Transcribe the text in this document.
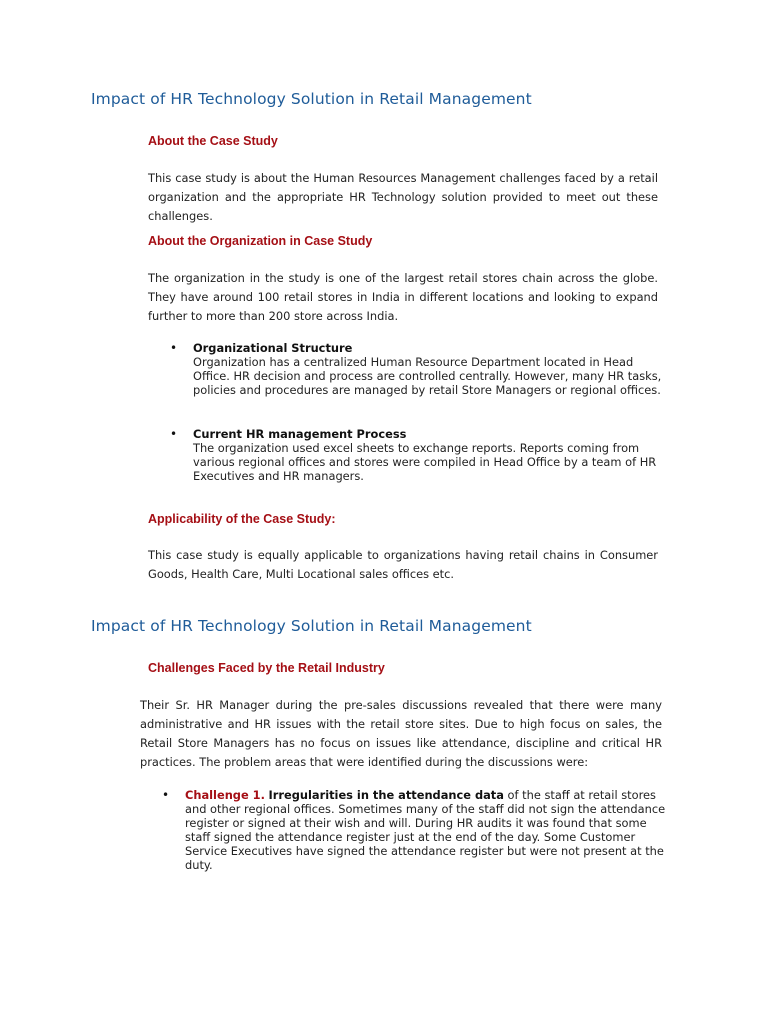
Impact of HR Technology Solution in Retail Management
About the Case Study
This case study is about the Human Resources Management challenges faced by a retail organization and the appropriate HR Technology solution provided to meet out these challenges.
About the Organization in Case Study
The organization in the study is one of the largest retail stores chain across the globe. They have around 100 retail stores in India in different locations and looking to expand further to more than 200 store across India.
• Organizational Structure
Organization has a centralized Human Resource Department located in Head Office. HR decision and process are controlled centrally. However, many HR tasks, policies and procedures are managed by retail Store Managers or regional offices.
• Current HR management Process
The organization used excel sheets to exchange reports. Reports coming from various regional offices and stores were compiled in Head Office by a team of HR Executives and HR managers.
Applicability of the Case Study:
This case study is equally applicable to organizations having retail chains in Consumer Goods, Health Care, Multi Locational sales offices etc.
Impact of HR Technology Solution in Retail Management
Challenges Faced by the Retail Industry
Their Sr. HR Manager during the pre-sales discussions revealed that there were many administrative and HR issues with the retail store sites. Due to high focus on sales, the Retail Store Managers has no focus on issues like attendance, discipline and critical HR practices. The problem areas that were identified during the discussions were:
• Challenge 1. Irregularities in the attendance data of the staff at retail stores and other regional offices. Sometimes many of the staff did not sign the attendance register or signed at their wish and will. During HR audits it was found that some staff signed the attendance register just at the end of the day. Some Customer Service Executives have signed the attendance register but were not present at the duty.
